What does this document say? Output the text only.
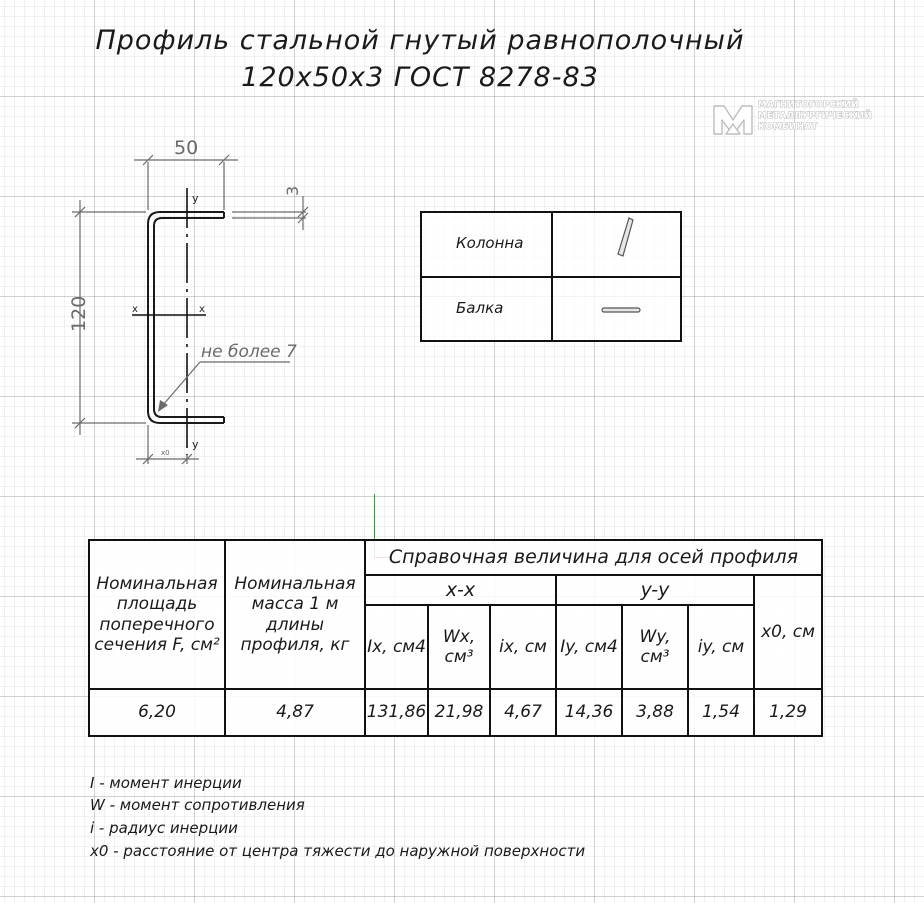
Профиль стальной гнутый равнополочный
120x50x3 ГОСТ 8278-83
МАГНИТОГОРСКИЙ
МЕТАЛЛУРГИЧЕСКИЙ
КОМБИНАТ
y
y
x	x
50
3
120
не более 7
x0
Колонна
Балка
Номинальная площадь поперечного сечения F, см²	Номинальная масса 1 м длины профиля, кг	Справочная величина для осей профиля						
		x-x			y-y			x0, см
		Ix, см4	Wx, см³	ix, см	Iy, см4	Wy, см³	iy, см	
6,20	4,87	131,86	21,98	4,67	14,36	3,88	1,54	1,29
I - момент инерции
W - момент сопротивления
i - радиус инерции
x0 - расстояние от центра тяжести до наружной поверхности
